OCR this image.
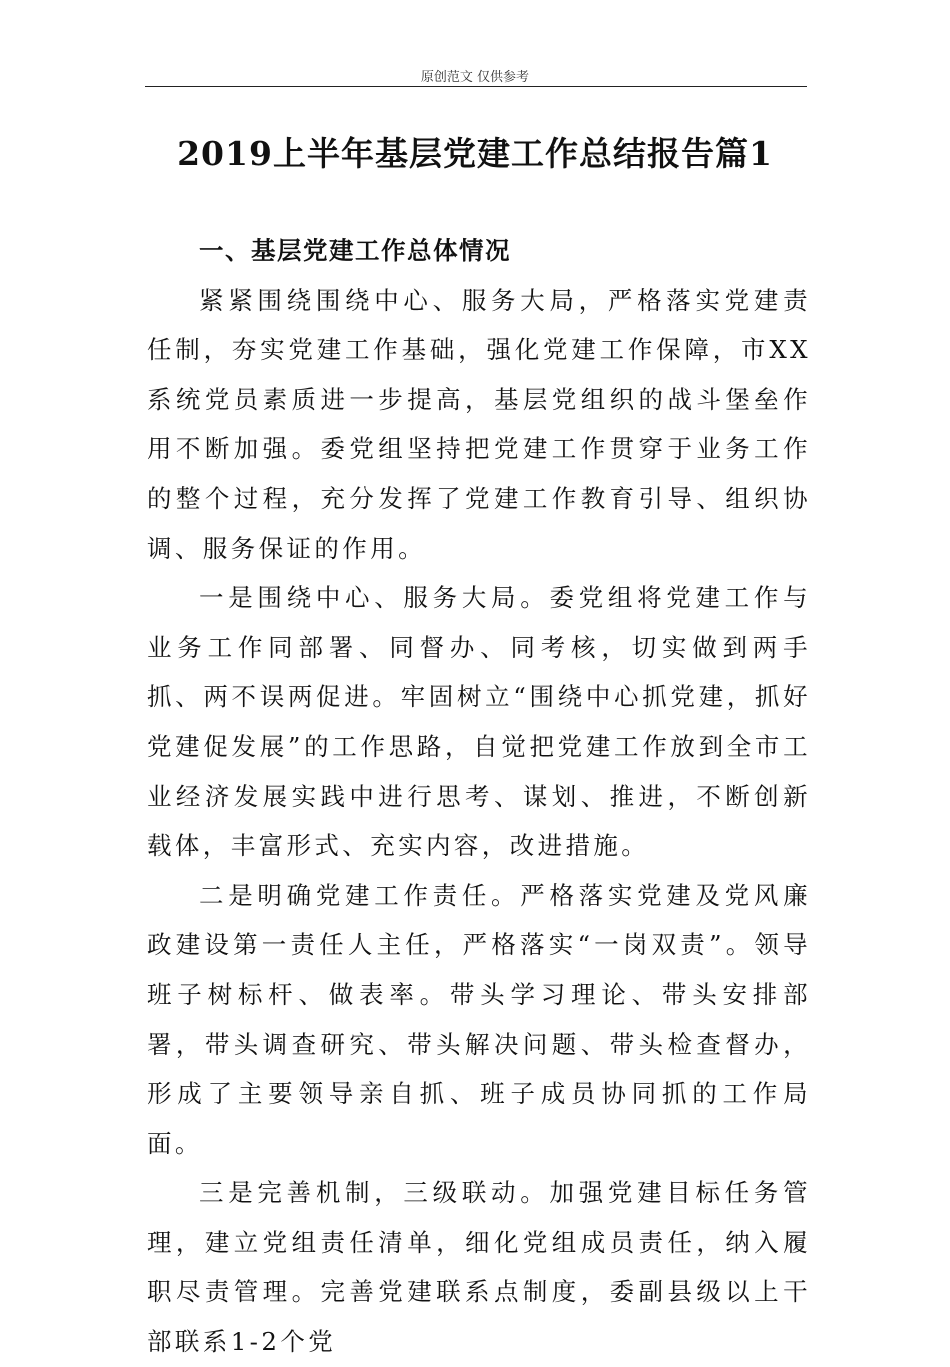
原创范文 仅供参考
2019上半年基层党建工作总结报告篇1

一、基层党建工作总体情况

紧紧围绕围绕中心、服务大局，严格落实党建责任制，夯实党建工作基础，强化党建工作保障，市XX系统党员素质进一步提高，基层党组织的战斗堡垒作用不断加强。委党组坚持把党建工作贯穿于业务工作的整个过程，充分发挥了党建工作教育引导、组织协调、服务保证的作用。

一是围绕中心、服务大局。委党组将党建工作与业务工作同部署、同督办、同考核，切实做到两手抓、两不误两促进。牢固树立“围绕中心抓党建，抓好党建促发展”的工作思路，自觉把党建工作放到全市工业经济发展实践中进行思考、谋划、推进，不断创新载体，丰富形式、充实内容，改进措施。

二是明确党建工作责任。严格落实党建及党风廉政建设第一责任人主任，严格落实“一岗双责”。领导班子树标杆、做表率。带头学习理论、带头安排部署，带头调查研究、带头解决问题、带头检查督办，形成了主要领导亲自抓、班子成员协同抓的工作局面。

三是完善机制，三级联动。加强党建目标任务管理，建立党组责任清单，细化党组成员责任，纳入履职尽责管理。完善党建联系点制度，委副县级以上干部联系1-2个党
